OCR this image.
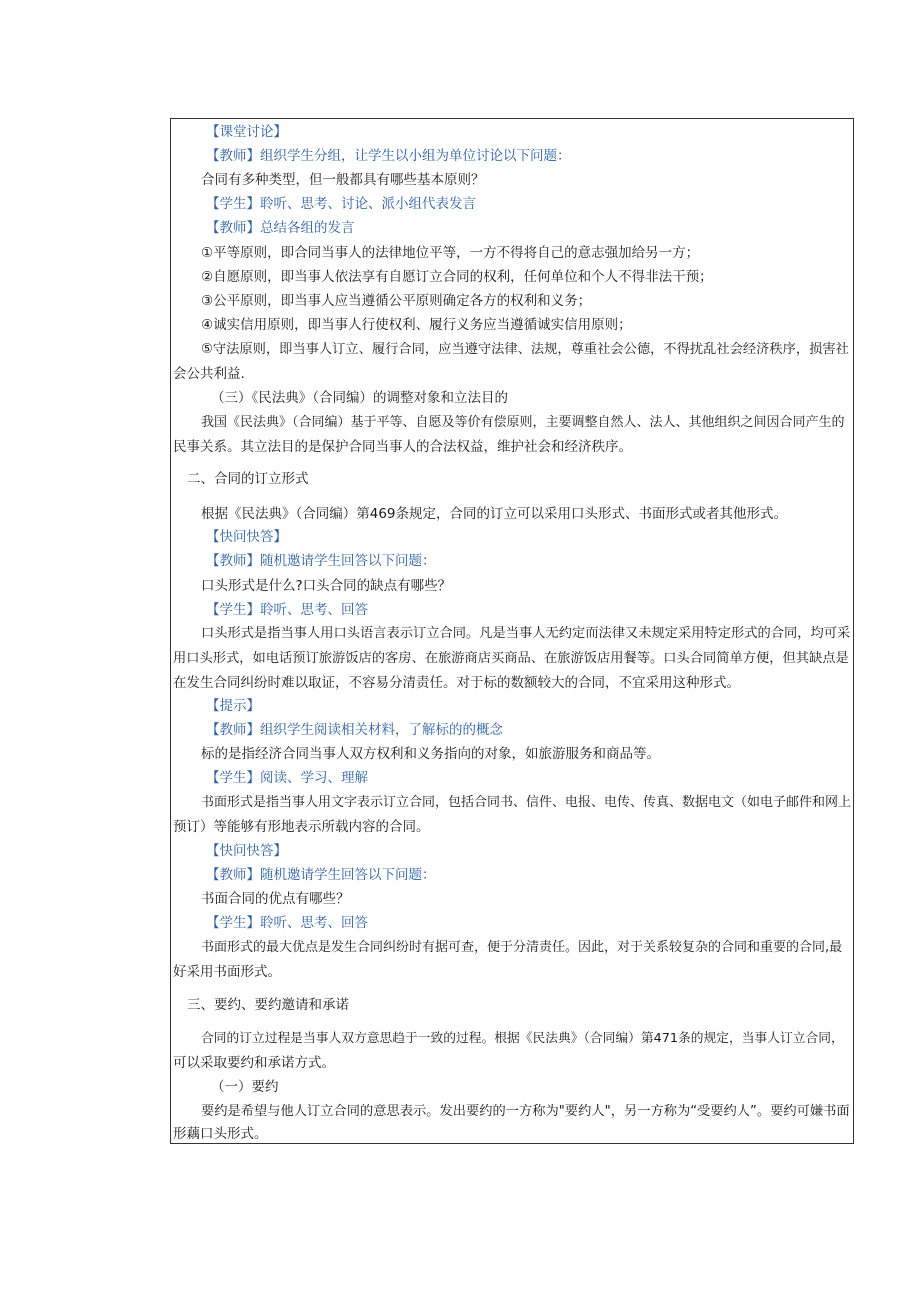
【课堂讨论】
【教师】组织学生分组，让学生以小组为单位讨论以下问题：
合同有多种类型，但一般都具有哪些基本原则？
【学生】聆听、思考、讨论、派小组代表发言
【教师】总结各组的发言
①平等原则，即合同当事人的法律地位平等，一方不得将自己的意志强加给另一方；
②自愿原则，即当事人依法享有自愿订立合同的权利，任何单位和个人不得非法干预；
③公平原则，即当事人应当遵循公平原则确定各方的权利和义务；
④诚实信用原则，即当事人行使权利、履行义务应当遵循诚实信用原则；
⑤守法原则，即当事人订立、履行合同，应当遵守法律、法规，尊重社会公德，不得扰乱社会经济秩序，损害社
会公共利益.
（三）《民法典》（合同编）的调整对象和立法目的
我国《民法典》（合同编）基于平等、自愿及等价有偿原则，主要调整自然人、法人、其他组织之间因合同产生的
民事关系。其立法目的是保护合同当事人的合法权益，维护社会和经济秩序。
二、合同的订立形式
根据《民法典》（合同编）第469条规定，合同的订立可以采用口头形式、书面形式或者其他形式。
【快问快答】
【教师】随机邀请学生回答以下问题：
口头形式是什么?口头合同的缺点有哪些？
【学生】聆听、思考、回答
口头形式是指当事人用口头语言表示订立合同。凡是当事人无约定而法律又未规定采用特定形式的合同，均可采
用口头形式，如电话预订旅游饭店的客房、在旅游商店买商品、在旅游饭店用餐等。口头合同简单方便，但其缺点是
在发生合同纠纷时难以取证，不容易分清责任。对于标的数额较大的合同，不宜采用这种形式。
【提示】
【教师】组织学生阅读相关材料，了解标的的概念
标的是指经济合同当事人双方权利和义务指向的对象，如旅游服务和商品等。
【学生】阅读、学习、理解
书面形式是指当事人用文字表示订立合同，包括合同书、信件、电报、电传、传真、数据电文（如电子邮件和网上
预订）等能够有形地表示所载内容的合同。
【快问快答】
【教师】随机邀请学生回答以下问题：
书面合同的优点有哪些？
【学生】聆听、思考、回答
书面形式的最大优点是发生合同纠纷时有据可查，便于分清责任。因此，对于关系较复杂的合同和重要的合同,最
好采用书面形式。
三、要约、要约邀请和承诺
合同的订立过程是当事人双方意思趋于一致的过程。根据《民法典》（合同编）第471条的规定，当事人订立合同，
可以采取要约和承诺方式。
（一）要约
要约是希望与他人订立合同的意思表示。发出要约的一方称为"要约人"，另一方称为“受要约人”。要约可嫌书面
形藕口头形式。
